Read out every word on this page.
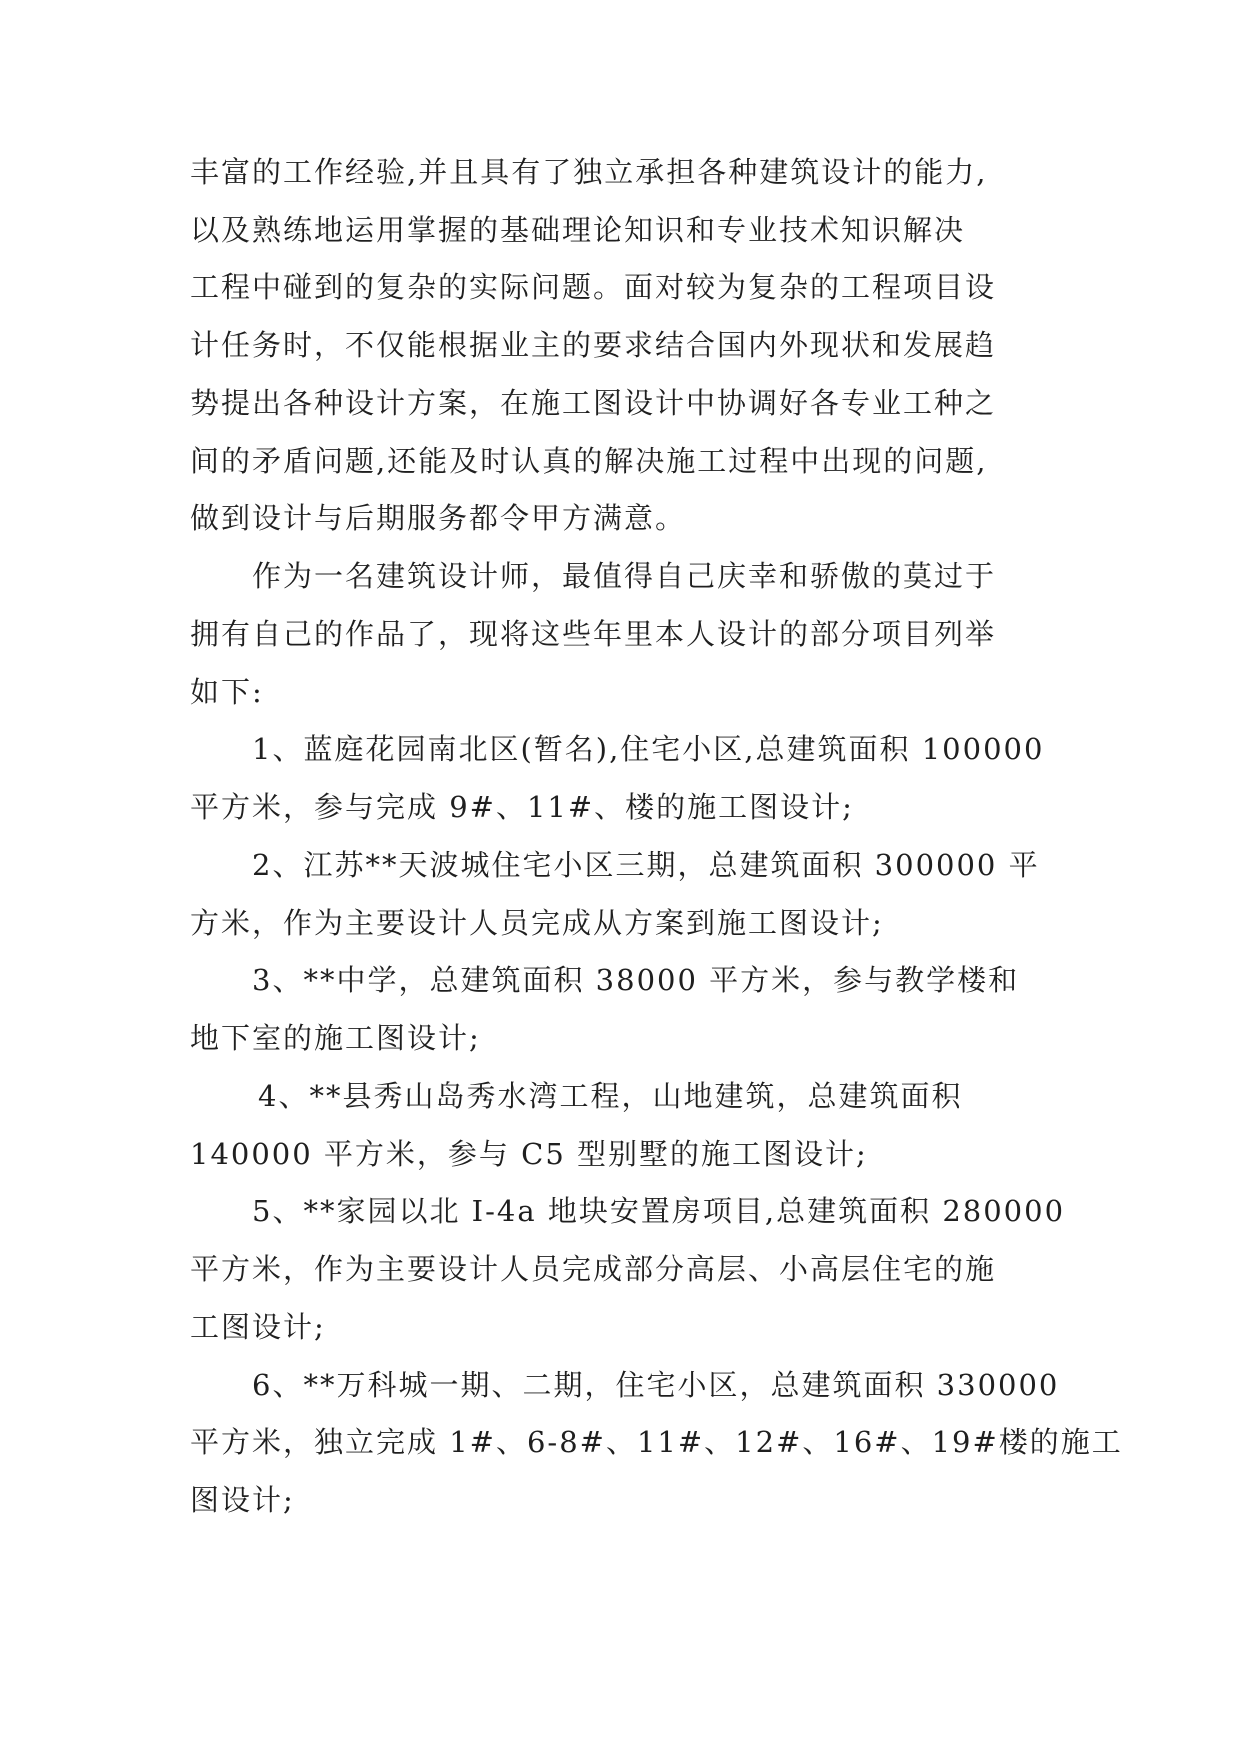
丰富的工作经验,并且具有了独立承担各种建筑设计的能力,
以及熟练地运用掌握的基础理论知识和专业技术知识解决
工程中碰到的复杂的实际问题。面对较为复杂的工程项目设
计任务时，不仅能根据业主的要求结合国内外现状和发展趋
势提出各种设计方案，在施工图设计中协调好各专业工种之
间的矛盾问题,还能及时认真的解决施工过程中出现的问题,
做到设计与后期服务都令甲方满意。
作为一名建筑设计师，最值得自己庆幸和骄傲的莫过于
拥有自己的作品了，现将这些年里本人设计的部分项目列举
如下:
1、蓝庭花园南北区(暂名),住宅小区,总建筑面积 100000
平方米，参与完成 9#、11#、楼的施工图设计;
2、江苏**天波城住宅小区三期，总建筑面积 300000 平
方米，作为主要设计人员完成从方案到施工图设计;
3、**中学，总建筑面积 38000 平方米，参与教学楼和
地下室的施工图设计;
4、**县秀山岛秀水湾工程，山地建筑，总建筑面积
140000 平方米，参与 C5 型别墅的施工图设计;
5、**家园以北 I-4a 地块安置房项目,总建筑面积 280000
平方米，作为主要设计人员完成部分高层、小高层住宅的施
工图设计;
6、**万科城一期、二期，住宅小区，总建筑面积 330000
平方米，独立完成 1#、6-8#、11#、12#、16#、19#楼的施工
图设计;
